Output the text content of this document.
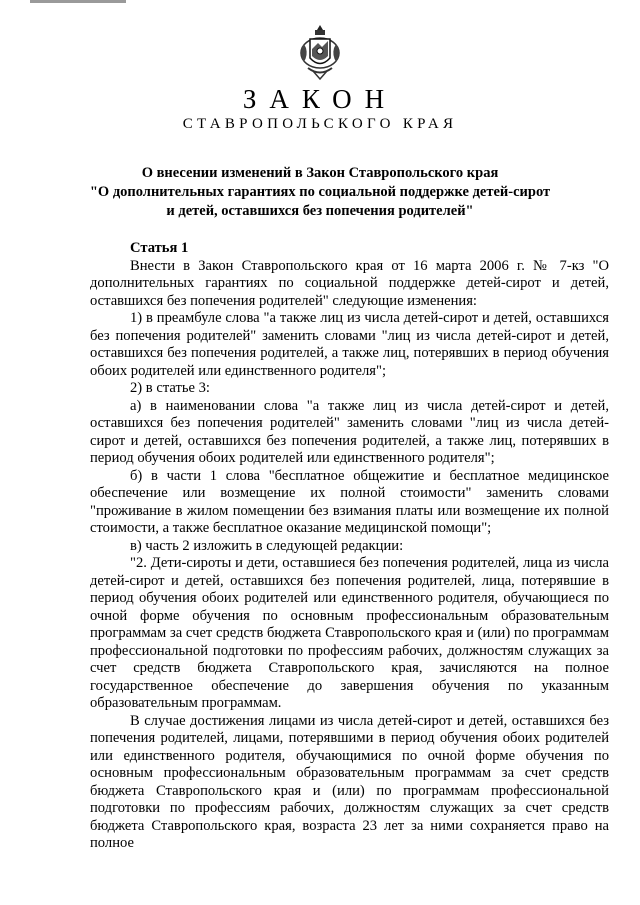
ЗАКОН
СТАВРОПОЛЬСКОГО КРАЯ
О внесении изменений в Закон Ставропольского края
"О дополнительных гарантиях по социальной поддержке детей-сирот
и детей, оставшихся без попечения родителей"

Статья 1

Внести в Закон Ставропольского края от 16 марта 2006 г. № 7-кз "О дополнительных гарантиях по социальной поддержке детей-сирот и детей, оставшихся без попечения родителей" следующие изменения:

1) в преамбуле слова "а также лиц из числа детей-сирот и детей, оставшихся без попечения родителей" заменить словами "лиц из числа детей-сирот и детей, оставшихся без попечения родителей, а также лиц, потерявших в период обучения обоих родителей или единственного родителя";

2) в статье 3:

а) в наименовании слова "а также лиц из числа детей-сирот и детей, оставшихся без попечения родителей" заменить словами "лиц из числа детей-сирот и детей, оставшихся без попечения родителей, а также лиц, потерявших в период обучения обоих родителей или единственного родителя";

б) в части 1 слова "бесплатное общежитие и бесплатное медицинское обеспечение или возмещение их полной стоимости" заменить словами "проживание в жилом помещении без взимания платы или возмещение их полной стоимости, а также бесплатное оказание медицинской помощи";

в) часть 2 изложить в следующей редакции:

"2. Дети-сироты и дети, оставшиеся без попечения родителей, лица из числа детей-сирот и детей, оставшихся без попечения родителей, лица, потерявшие в период обучения обоих родителей или единственного родителя, обучающиеся по очной форме обучения по основным профессиональным образовательным программам за счет средств бюджета Ставропольского края и (или) по программам профессиональной подготовки по профессиям рабочих, должностям служащих за счет средств бюджета Ставропольского края, зачисляются на полное государственное обеспечение до завершения обучения по указанным образовательным программам.

В случае достижения лицами из числа детей-сирот и детей, оставшихся без попечения родителей, лицами, потерявшими в период обучения обоих родителей или единственного родителя, обучающимися по очной форме обучения по основным профессиональным образовательным программам за счет средств бюджета Ставропольского края и (или) по программам профессиональной подготовки по профессиям рабочих, должностям служащих за счет средств бюджета Ставропольского края, возраста 23 лет за ними сохраняется право на полное
